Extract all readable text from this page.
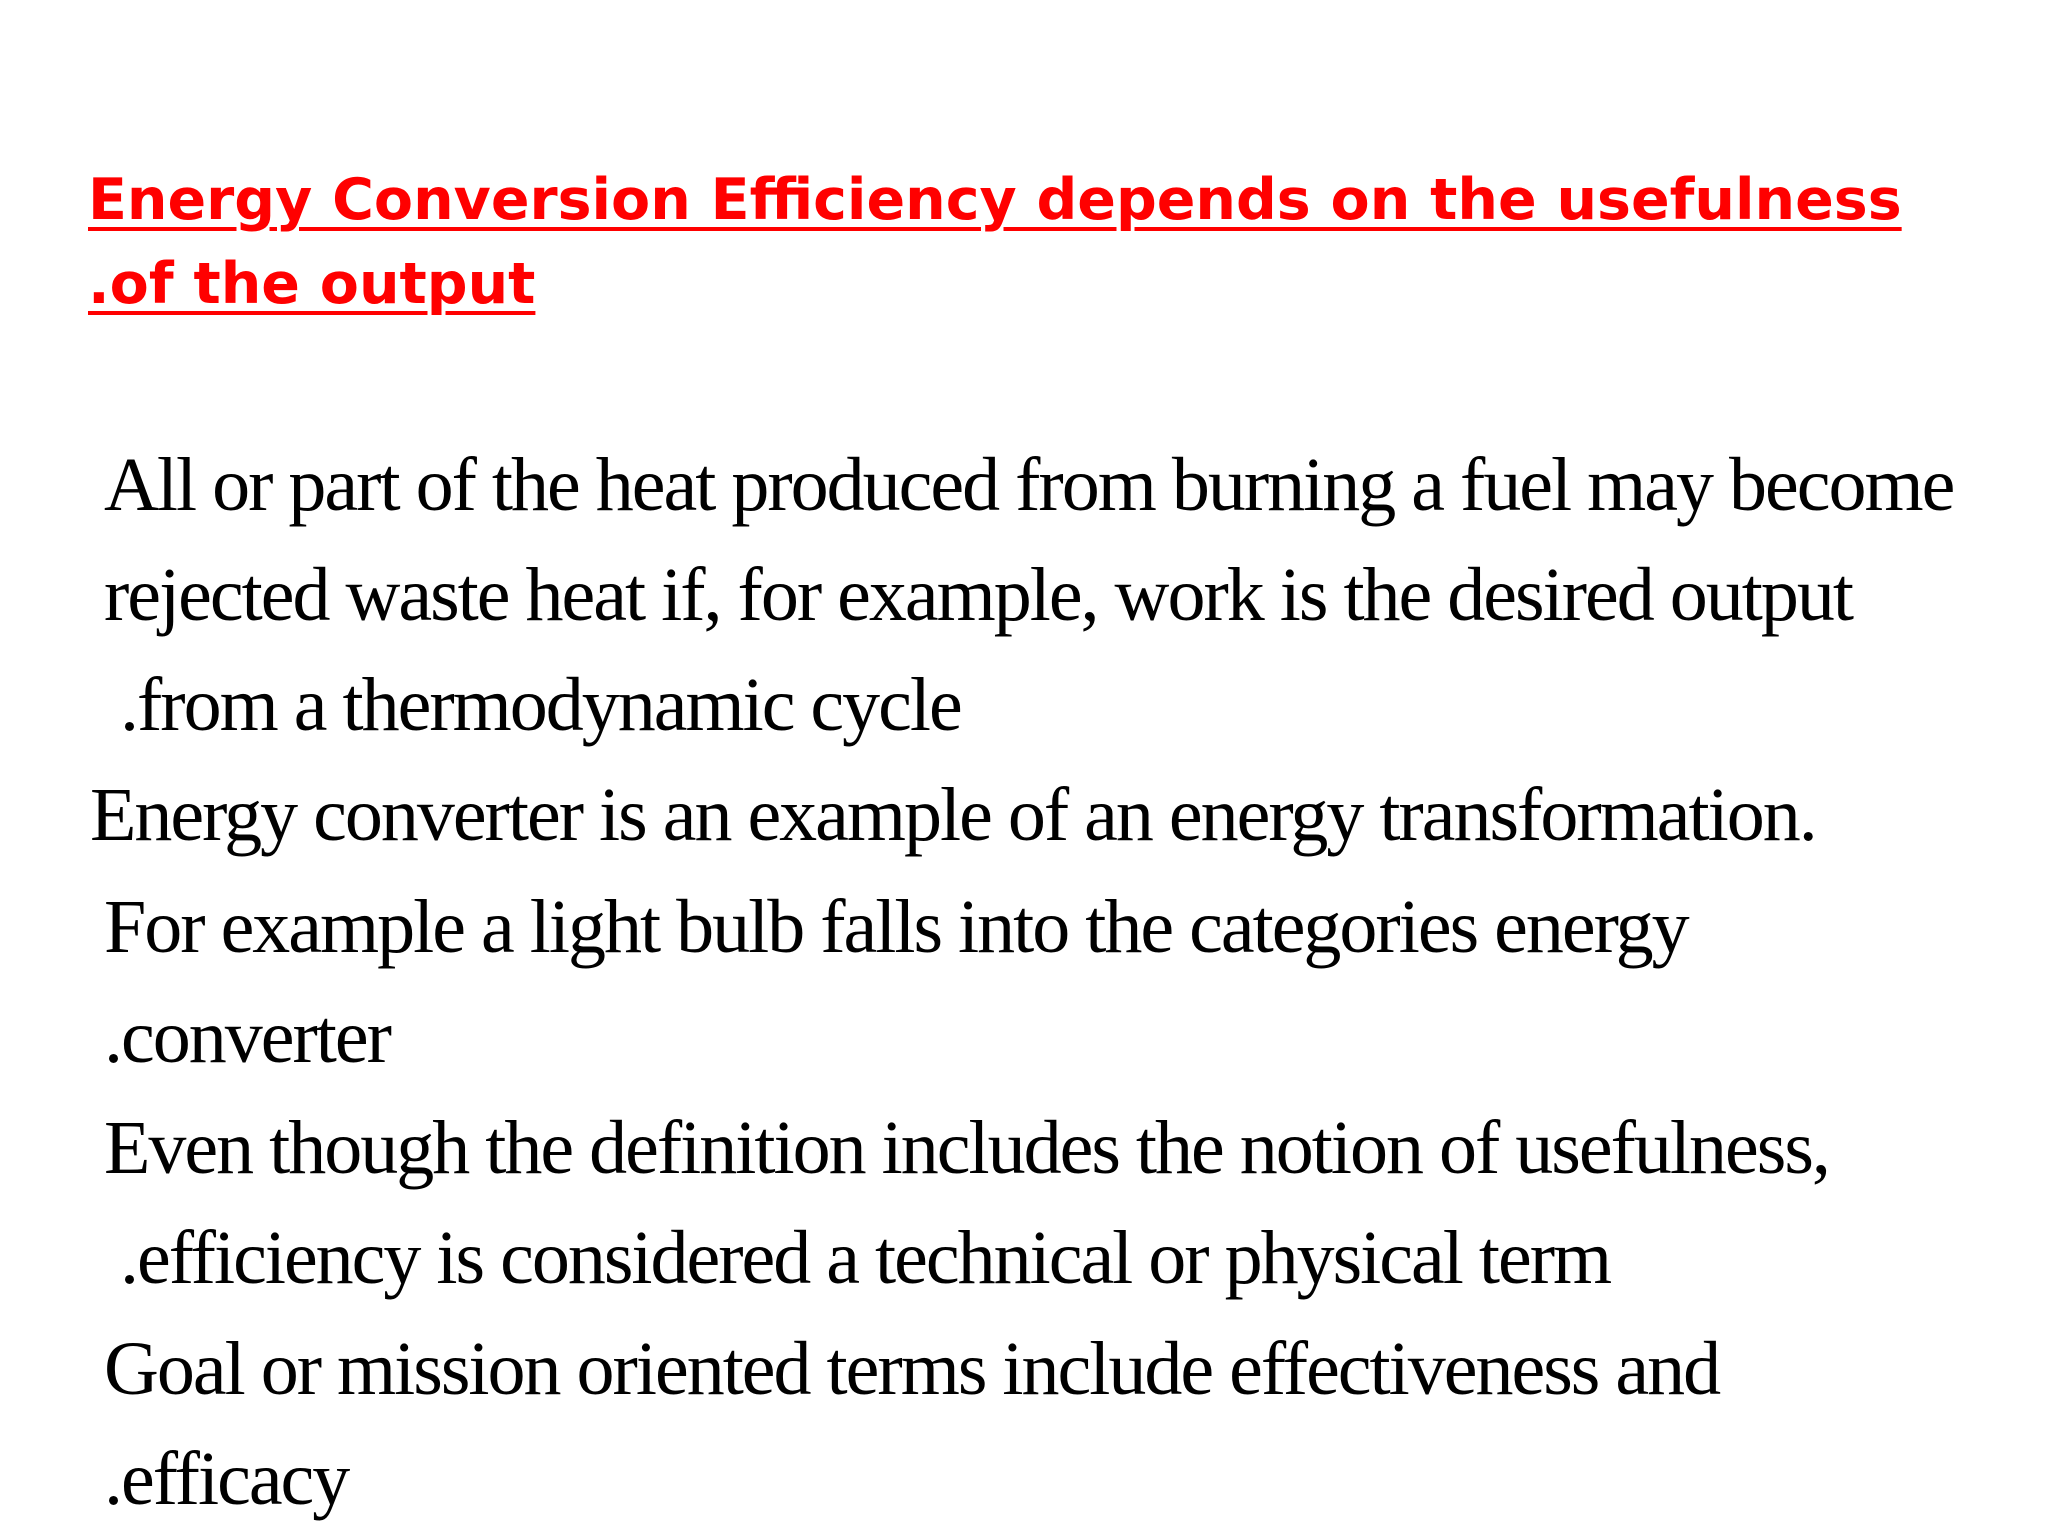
Energy Conversion Efficiency depends on the usefulness
.of the output

All or part of the heat produced from burning a fuel may become

rejected waste heat if, for example, work is the desired output

.from a thermodynamic cycle

Energy converter is an example of an energy transformation.

For example a light bulb falls into the categories energy

.converter

Even though the definition includes the notion of usefulness,

.efficiency is considered a technical or physical term

Goal or mission oriented terms include effectiveness and

.efficacy
